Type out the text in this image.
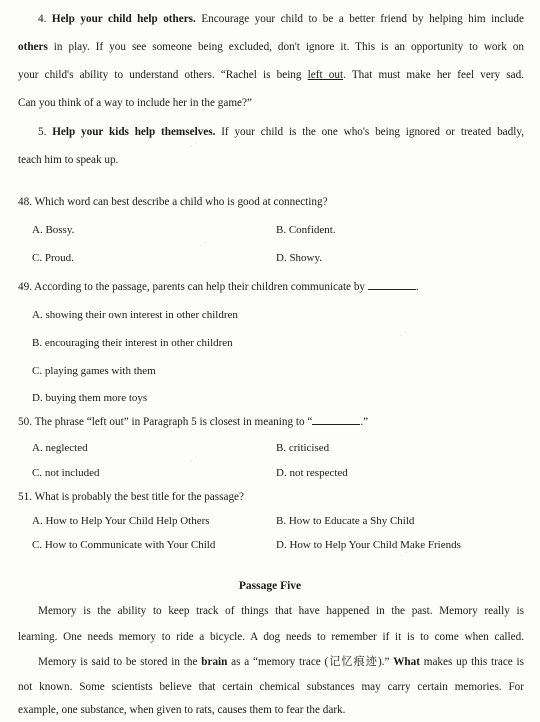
4. Help your child help others. Encourage your child to be a better friend by helping him include
others in play. If you see someone being excluded, don't ignore it. This is an opportunity to work on
your child's ability to understand others. “Rachel is being left out. That must make her feel very sad.
Can you think of a way to include her in the game?”
5. Help your kids help themselves. If your child is the one who's being ignored or treated badly,
teach him to speak up.
48. Which word can best describe a child who is good at connecting?
A. Bossy.	B. Confident.
C. Proud.	D. Showy.
49. According to the passage, parents can help their children communicate by	.
A. showing their own interest in other children
B. encouraging their interest in other children
C. playing games with them
D. buying them more toys
50. The phrase “left out” in Paragraph 5 is closest in meaning to “	.”
A. neglected	B. criticised
C. not included	D. not respected
51. What is probably the best title for the passage?
A. How to Help Your Child Help Others	B. How to Educate a Shy Child
C. How to Communicate with Your Child	D. How to Help Your Child Make Friends
Passage Five
Memory is the ability to keep track of things that have happened in the past. Memory really is
learning. One needs memory to ride a bicycle. A dog needs to remember if it is to come when called.
Memory is said to be stored in the brain as a “memory trace (记忆痕迹).” What makes up this trace is
not known. Some scientists believe that certain chemical substances may carry certain memories. For
example, one substance, when given to rats, causes them to fear the dark.
· ·
· ·
· ·
· ·
· ·
